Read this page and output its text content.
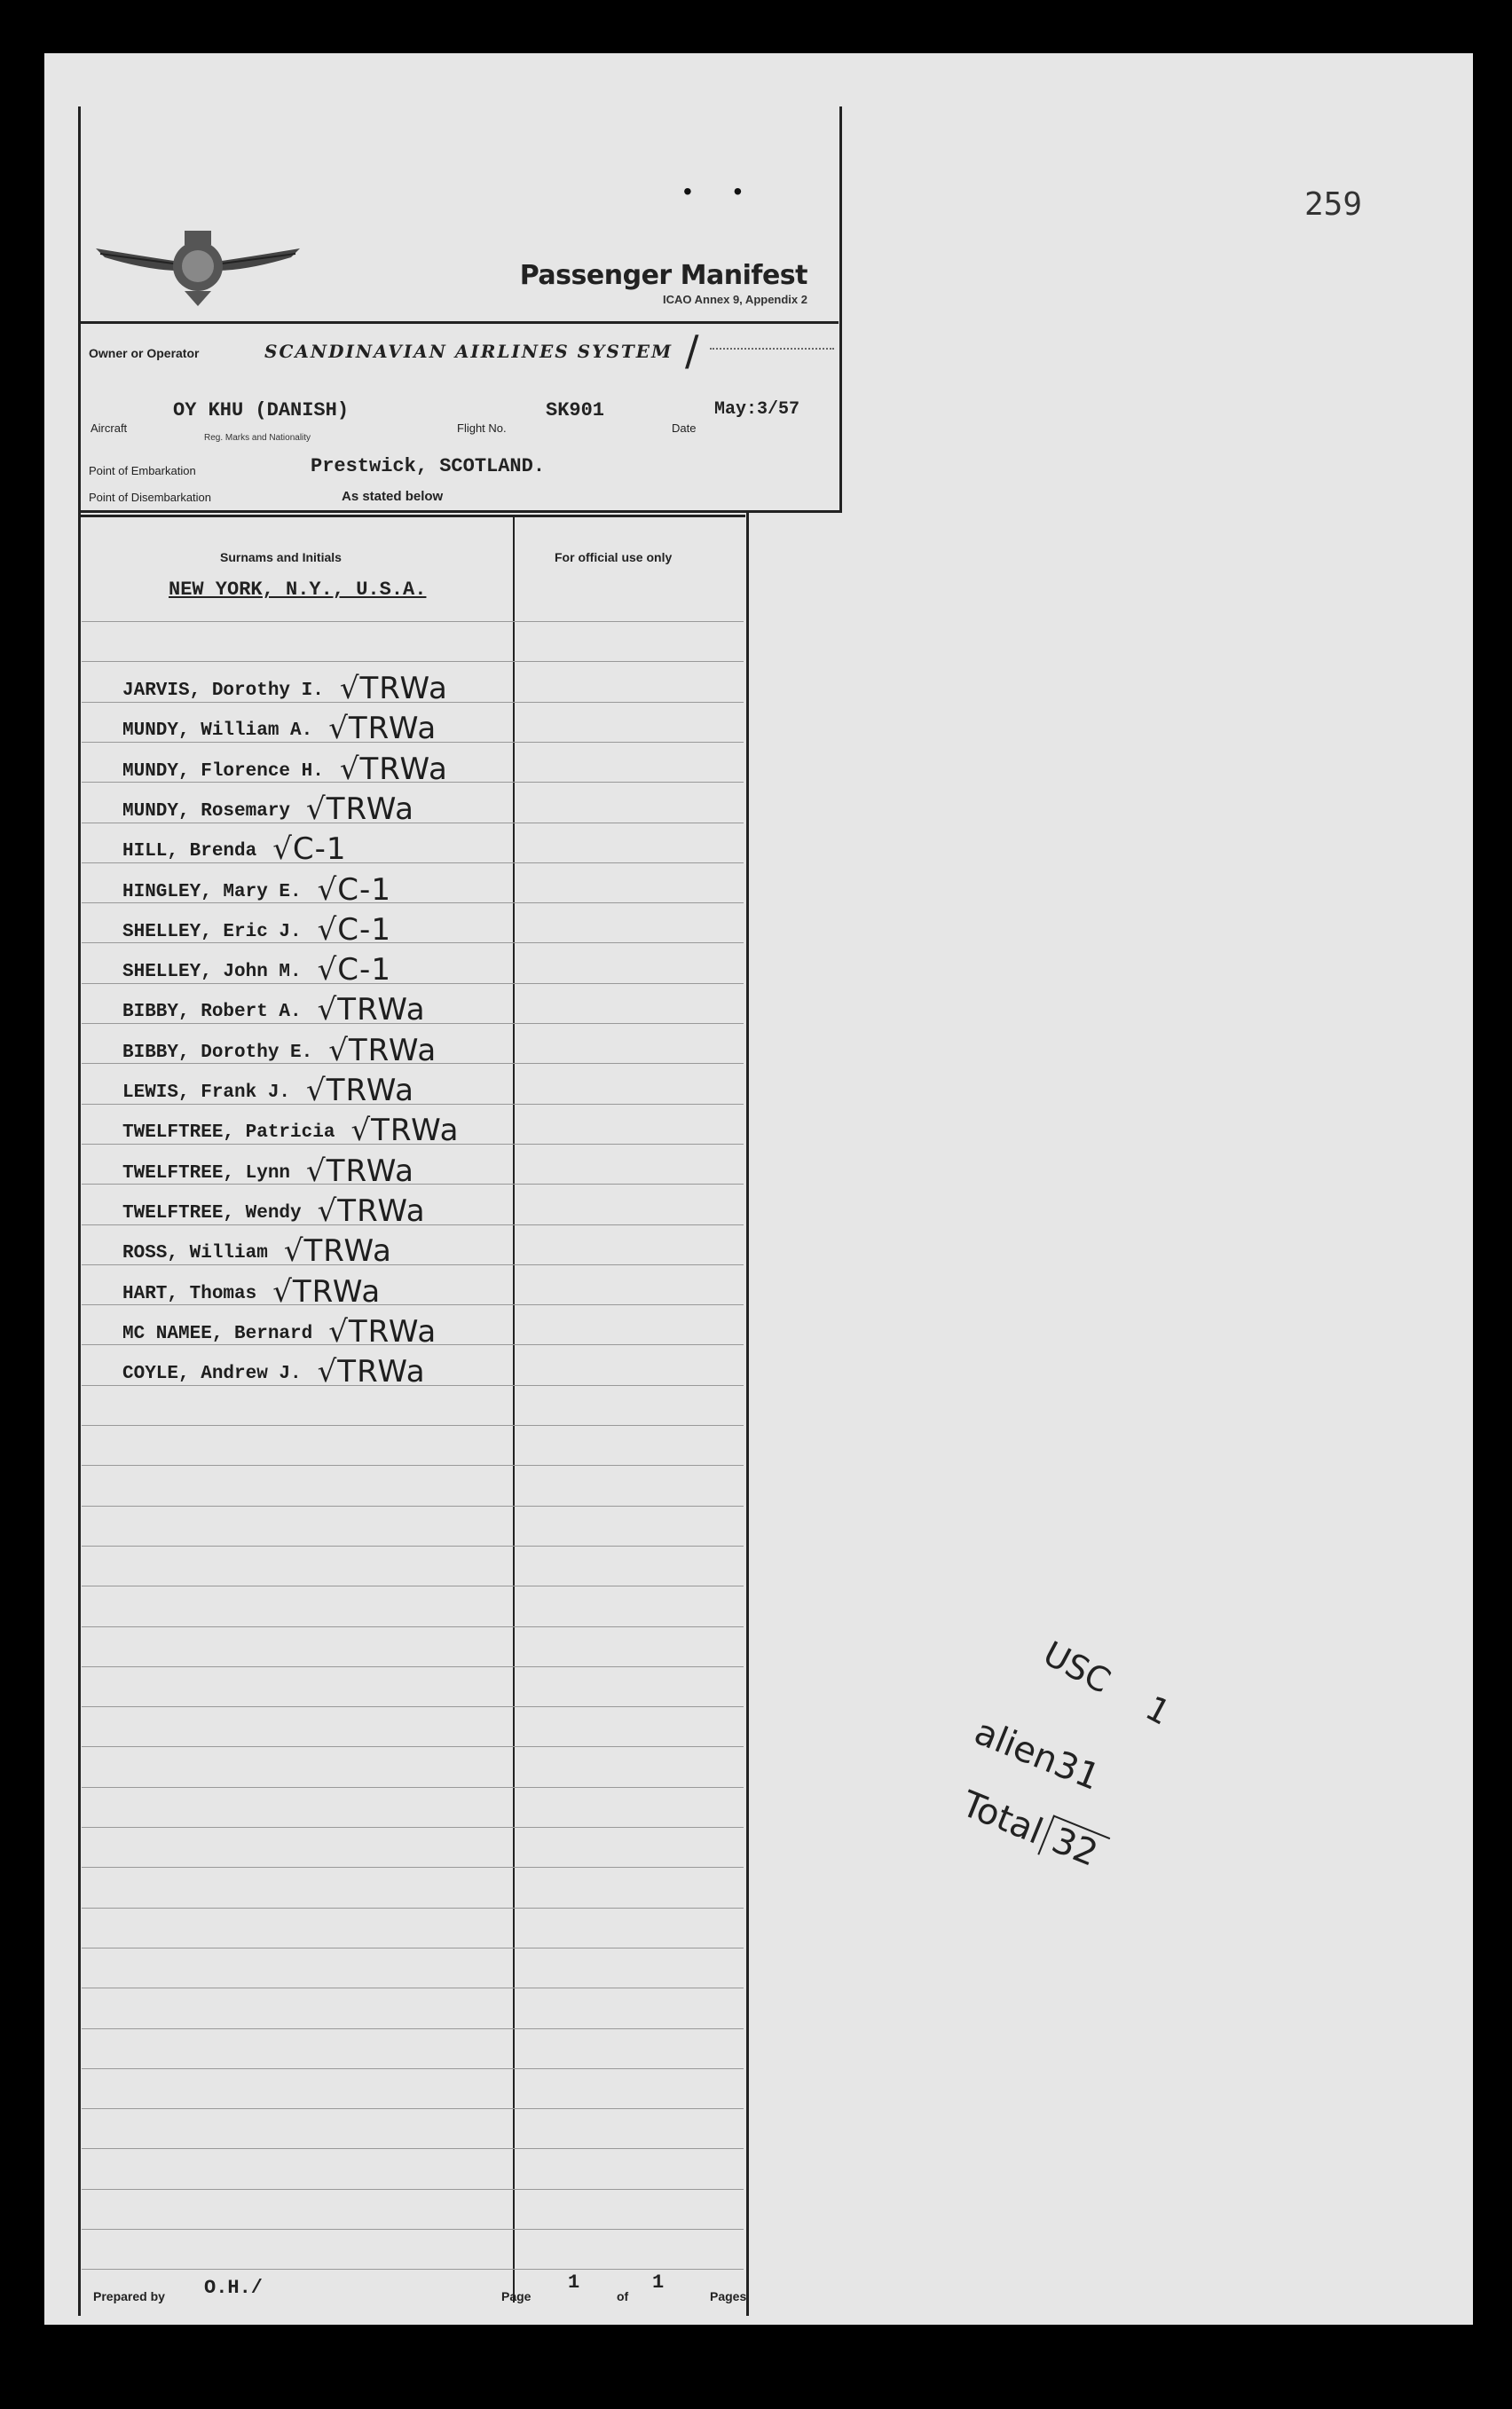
259
•      •
Passenger Manifest
ICAO Annex 9, Appendix 2
Owner or Operator	SCANDINAVIAN AIRLINES SYSTEM /
Aircraft
OY KHU (DANISH)
Reg. Marks and Nationality
Flight No.
SK901
Date
May:3/57
Point of Embarkation	Prestwick, SCOTLAND.
Point of Disembarkation	As stated below
Surnams and Initials	For official use only
NEW YORK, N.Y., U.S.A.
JARVIS, Dorothy I. √TRWa
MUNDY, William A. √TRWa
MUNDY, Florence H. √TRWa
MUNDY, Rosemary √TRWa
HILL, Brenda √C-1
HINGLEY, Mary E. √C-1
SHELLEY, Eric J. √C-1
SHELLEY, John M. √C-1
BIBBY, Robert A. √TRWa
BIBBY, Dorothy E. √TRWa
LEWIS, Frank J. √TRWa
TWELFTREE, Patricia √TRWa
TWELFTREE, Lynn √TRWa
TWELFTREE, Wendy √TRWa
ROSS, William √TRWa
HART, Thomas √TRWa
MC NAMEE, Bernard √TRWa
COYLE, Andrew J. √TRWa
USC 1
alien31
Total32
Prepared by O.H./	Page
1
of
1
Pages
